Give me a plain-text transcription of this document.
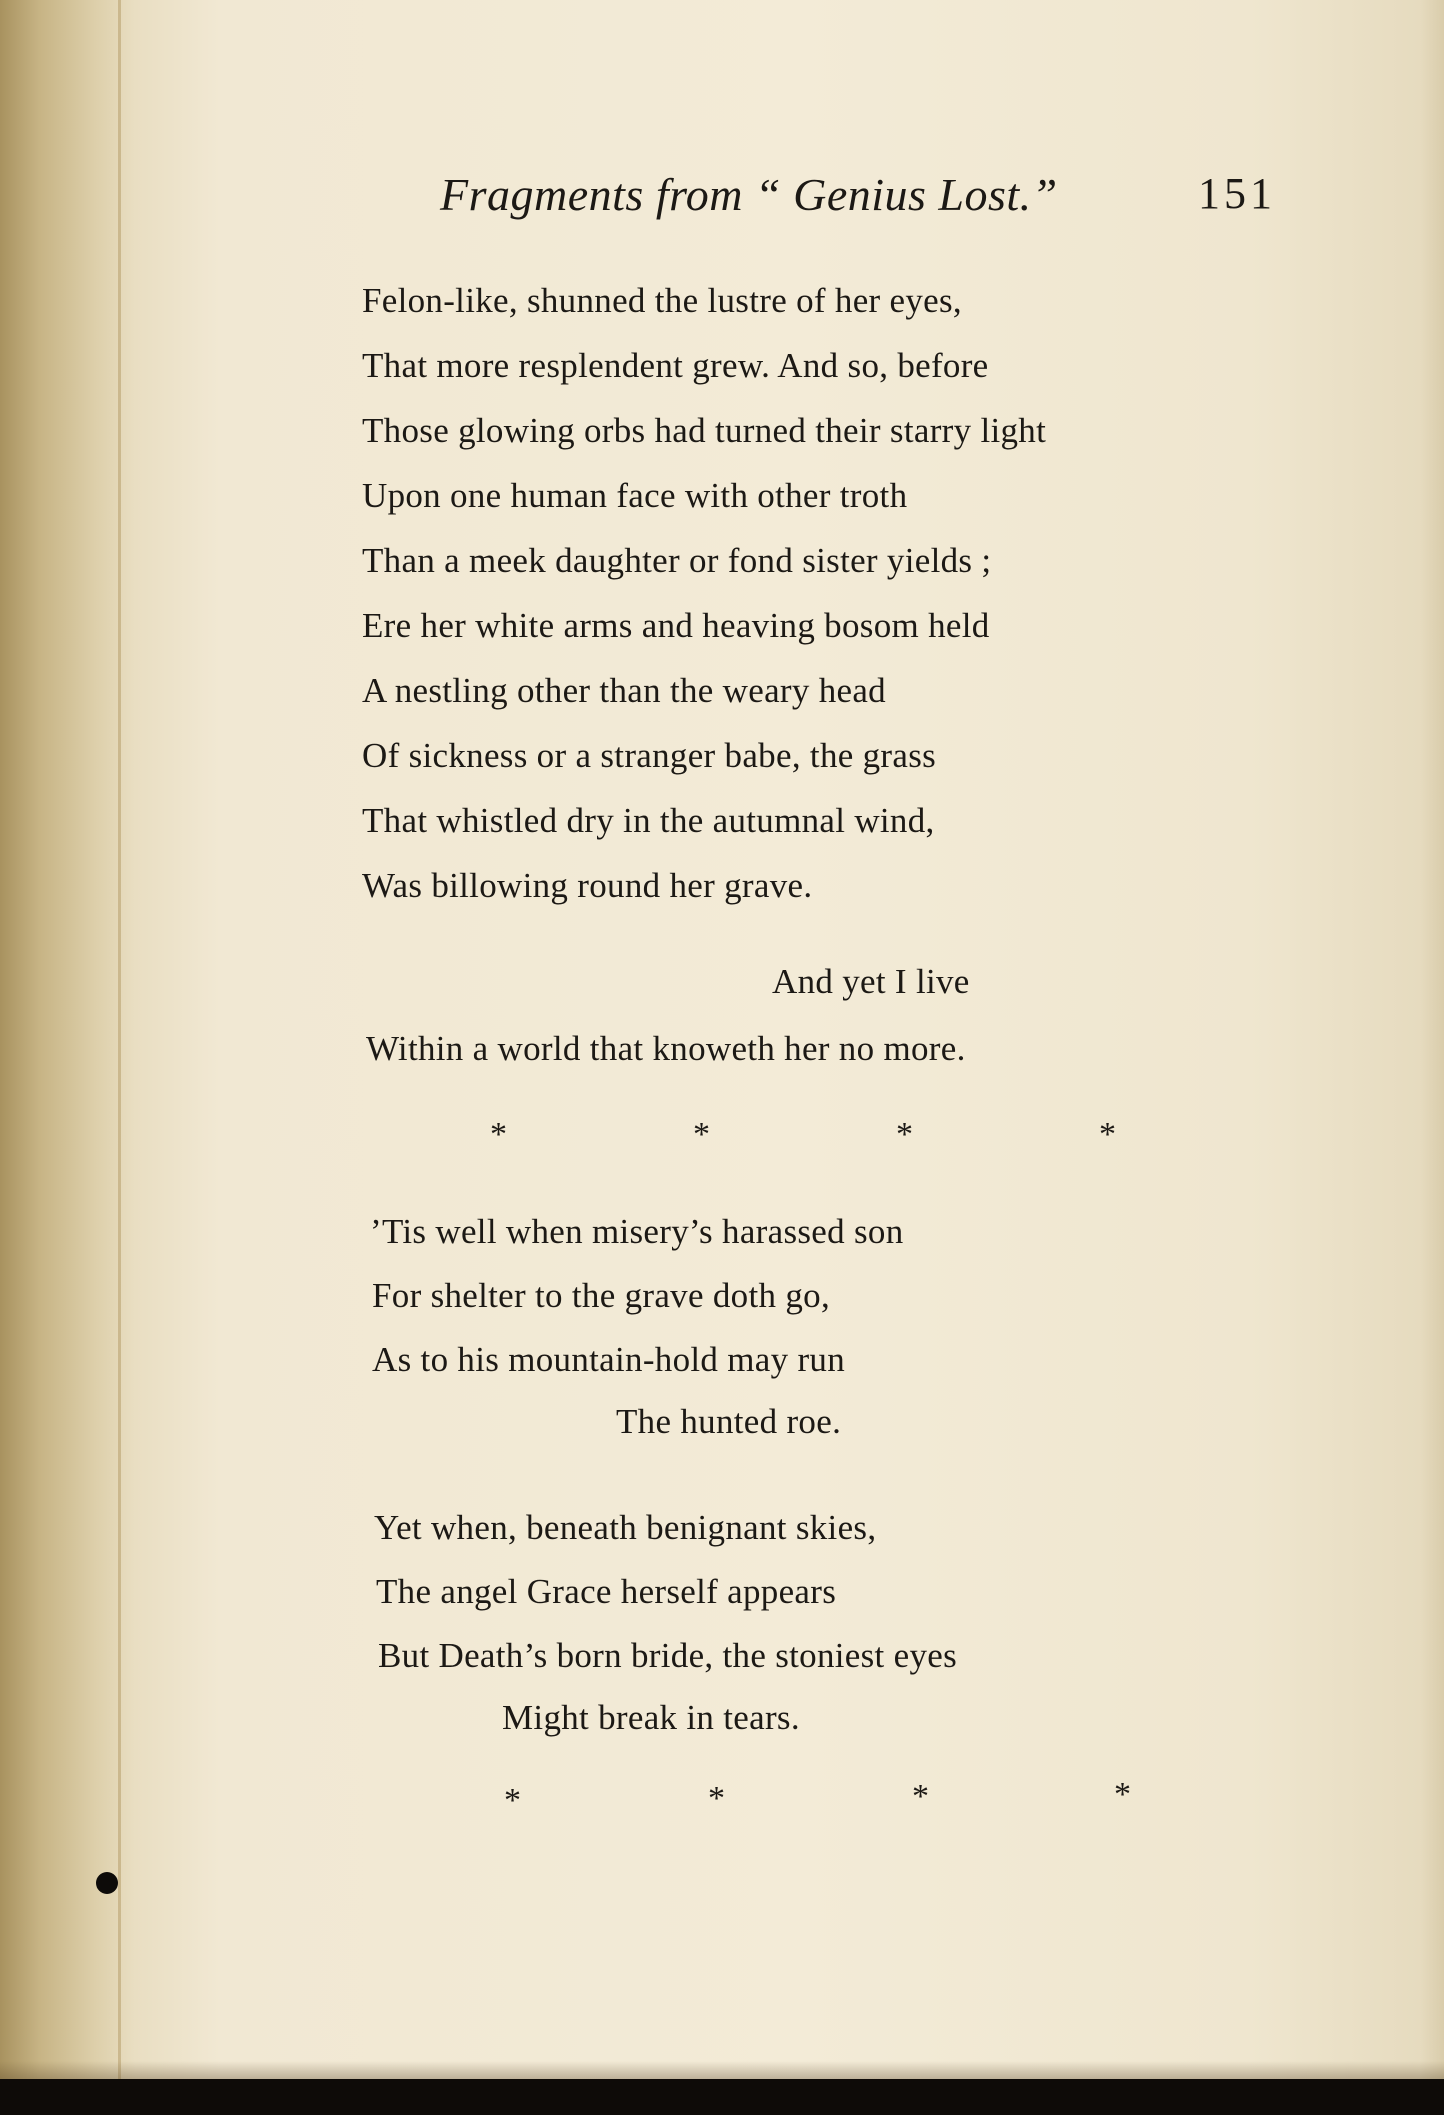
Fragments from “ Genius Lost.”	151
Felon-like, shunned the lustre of her eyes,
That more resplendent grew. And so, before
Those glowing orbs had turned their starry light
Upon one human face with other troth
Than a meek daughter or fond sister yields ;
Ere her white arms and heaving bosom held
A nestling other than the weary head
Of sickness or a stranger babe, the grass
That whistled dry in the autumnal wind,
Was billowing round her grave.
And yet I live
Within a world that knoweth her no more.
*	*	*	*
’Tis well when misery’s harassed son
For shelter to the grave doth go,
As to his mountain-hold may run
The hunted roe.
Yet when, beneath benignant skies,
The angel Grace herself appears
But Death’s born bride, the stoniest eyes
Might break in tears.
*	*	*	*
